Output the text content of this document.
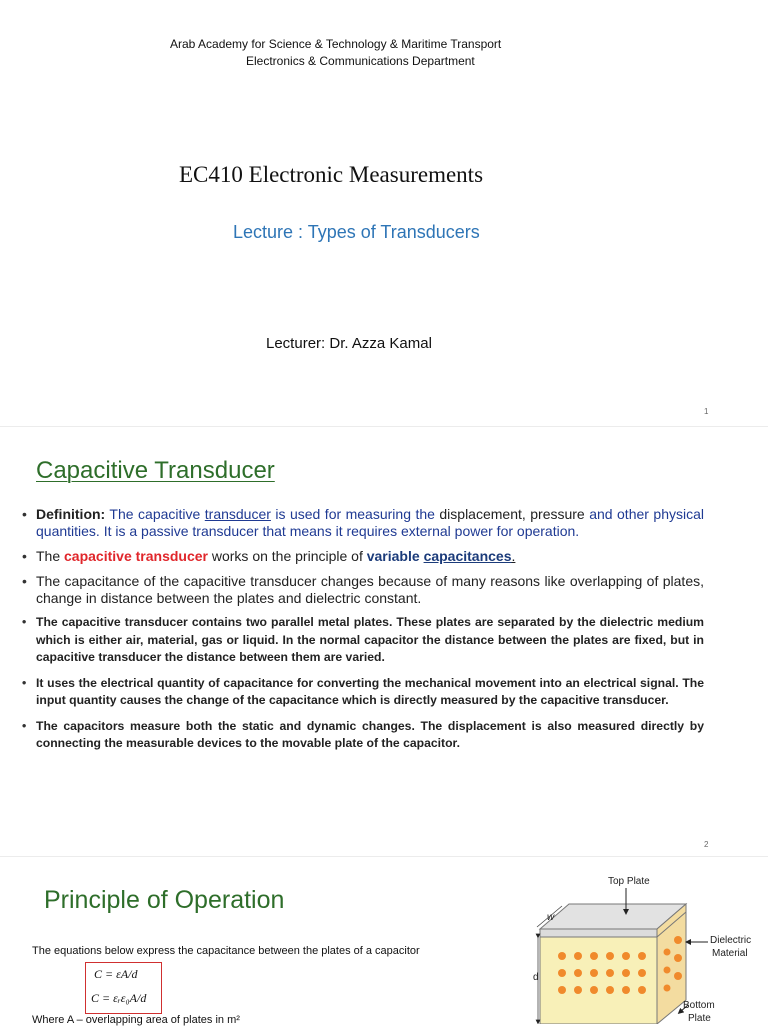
Arab Academy for Science & Technology & Maritime Transport
Electronics & Communications Department
EC410 Electronic Measurements
Lecture : Types of Transducers
Lecturer: Dr. Azza Kamal
1
Capacitive Transducer
• Definition: The capacitive transducer is used for measuring the displacement, pressure and other physical quantities. It is a passive transducer that means it requires external power for operation.
• The capacitive transducer works on the principle of variable capacitances.
• The capacitance of the capacitive transducer changes because of many reasons like overlapping of plates, change in distance between the plates and dielectric constant.
• The capacitive transducer contains two parallel metal plates. These plates are separated by the dielectric medium which is either air, material, gas or liquid. In the normal capacitor the distance between the plates are fixed, but in capacitive transducer the distance between them are varied.
• It uses the electrical quantity of capacitance for converting the mechanical movement into an electrical signal. The input quantity causes the change of the capacitance which is directly measured by the capacitive transducer.
• The capacitors measure both the static and dynamic changes. The displacement is also measured directly by connecting the measurable devices to the movable plate of the capacitor.
2
Principle of Operation
The equations below express the capacitance between the plates of a capacitor
C = εA/d
C = εᵣε₀A/d
Where A – overlapping area of plates in m²
Top Plate
Dielectric
Material
Bottom
Plate
w
d
